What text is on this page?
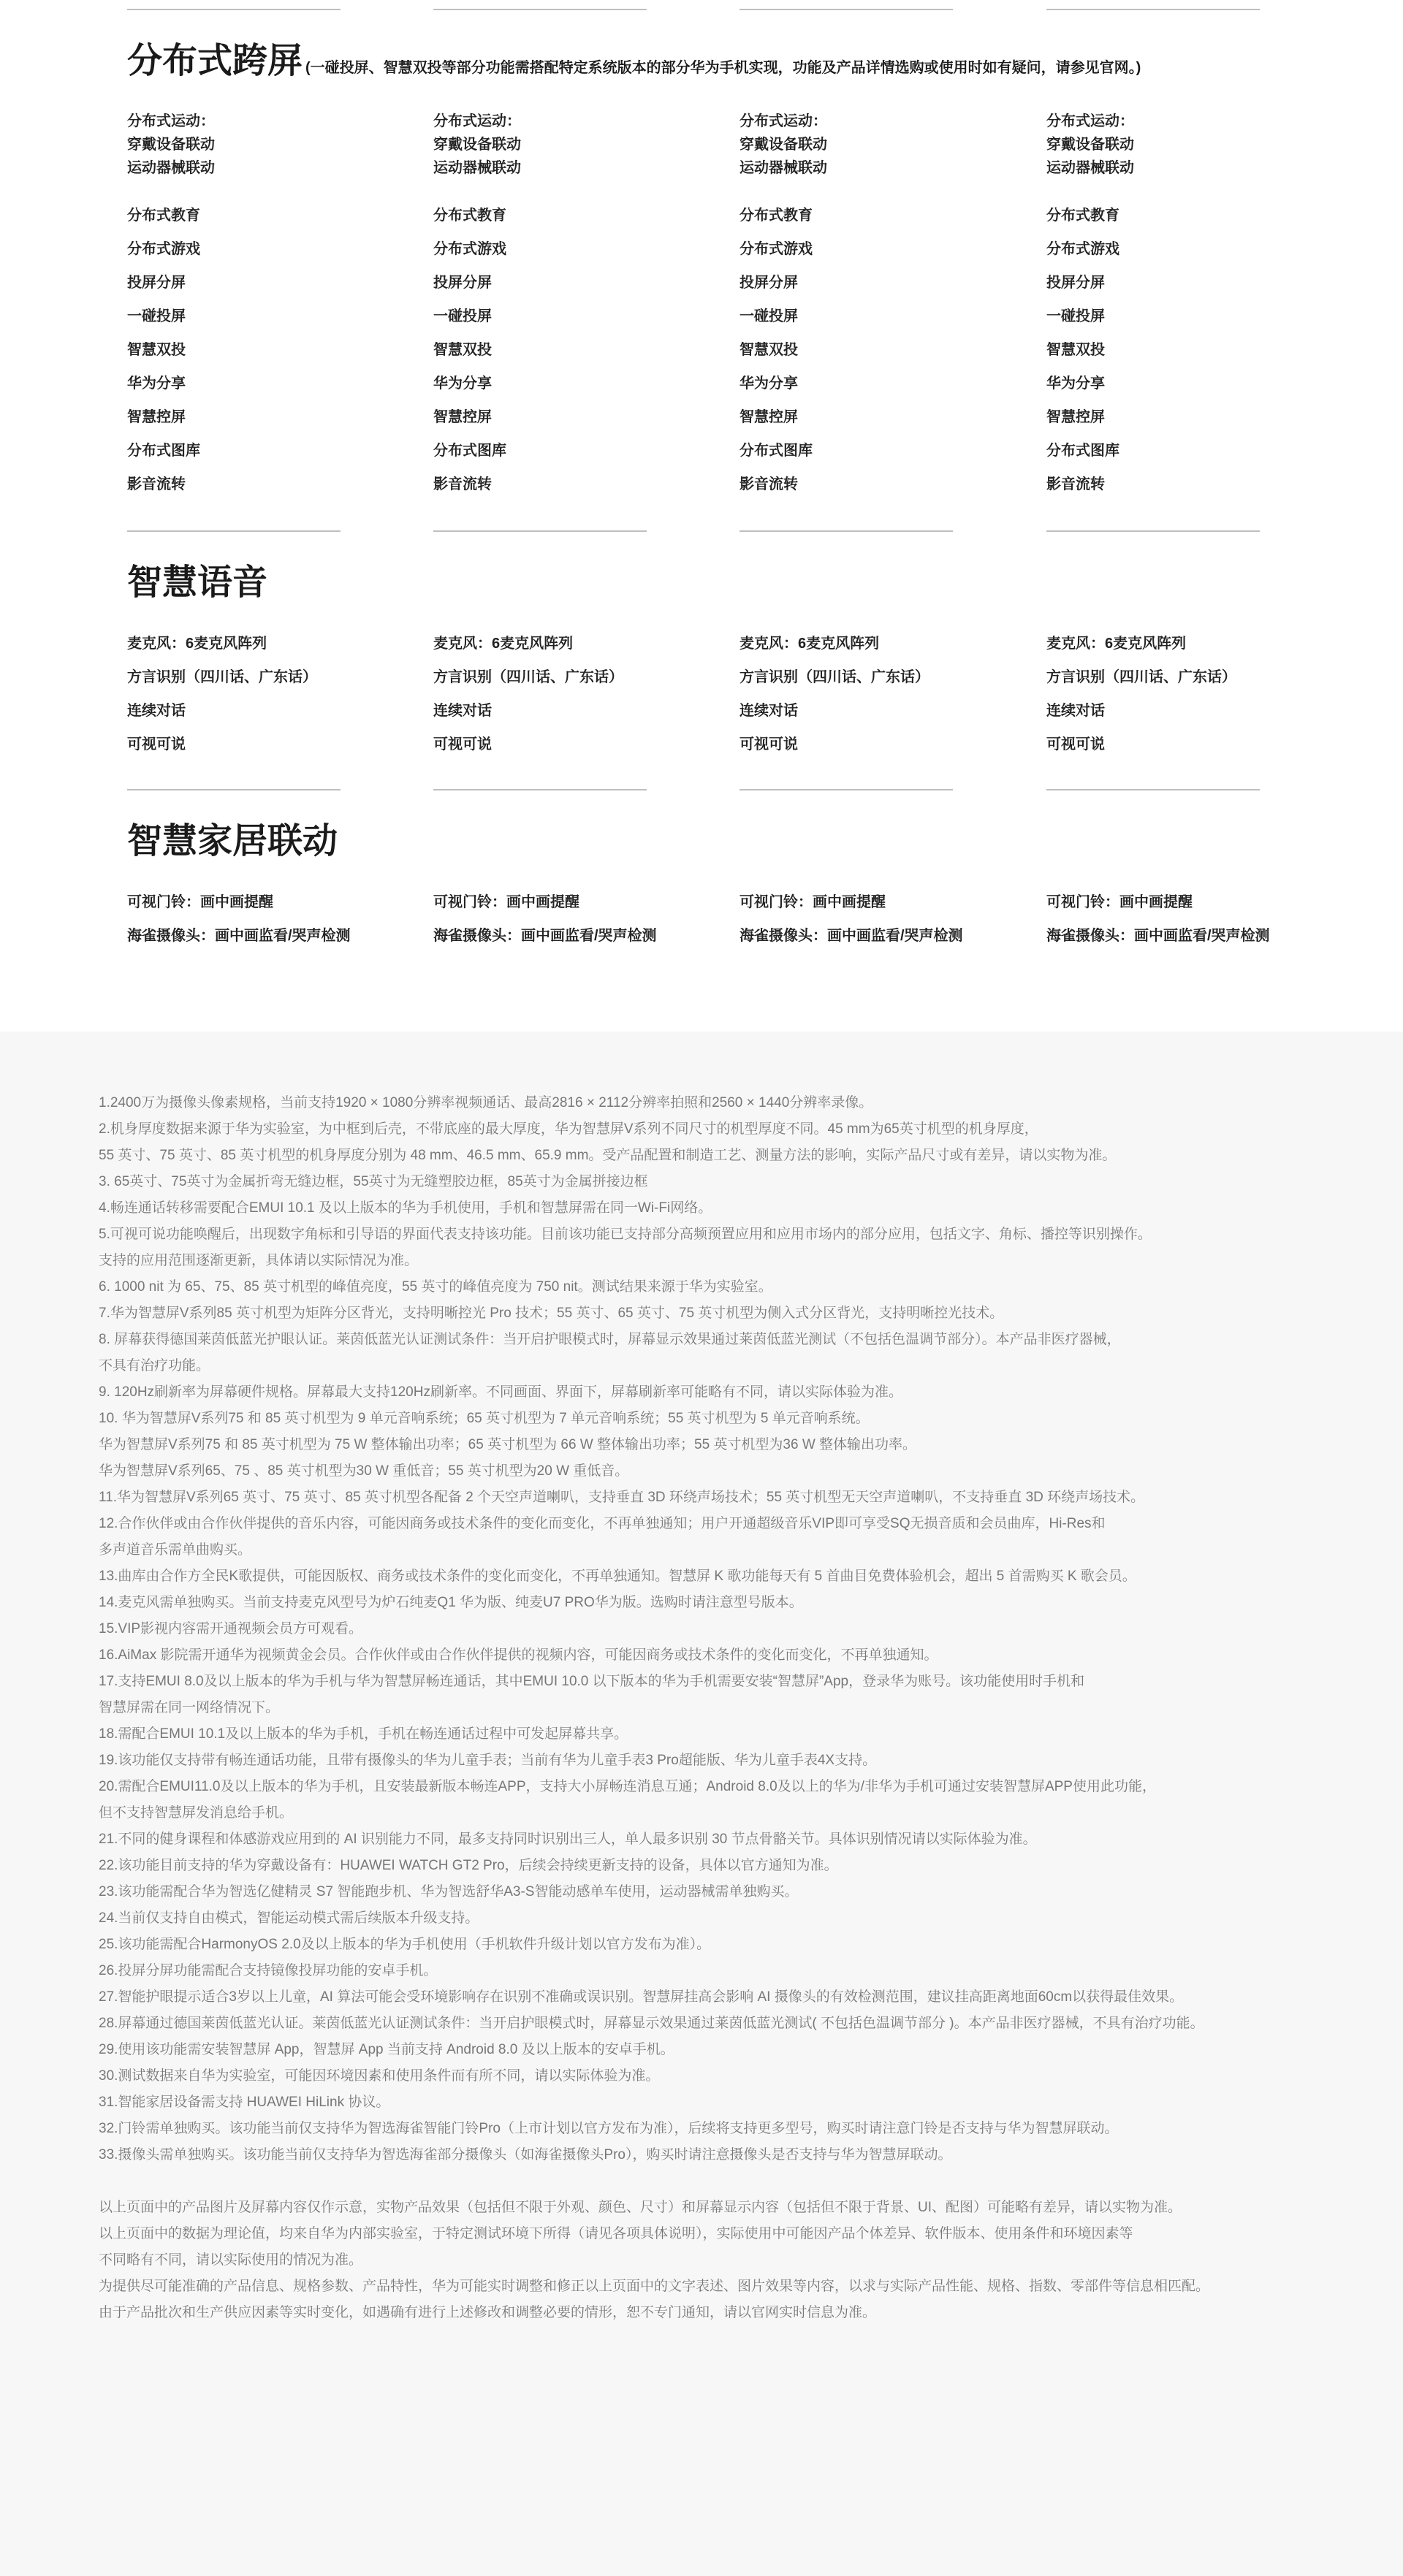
分布式跨屏 (一碰投屏、智慧双投等部分功能需搭配特定系统版本的部分华为手机实现，功能及产品详情选购或使用时如有疑问，请参见官网。)
分布式运动：
穿戴设备联动
运动器械联动
分布式教育
分布式游戏
投屏分屏
一碰投屏
智慧双投
华为分享
智慧控屏
分布式图库
影音流转
分布式运动：
穿戴设备联动
运动器械联动
分布式教育
分布式游戏
投屏分屏
一碰投屏
智慧双投
华为分享
智慧控屏
分布式图库
影音流转
分布式运动：
穿戴设备联动
运动器械联动
分布式教育
分布式游戏
投屏分屏
一碰投屏
智慧双投
华为分享
智慧控屏
分布式图库
影音流转
分布式运动：
穿戴设备联动
运动器械联动
分布式教育
分布式游戏
投屏分屏
一碰投屏
智慧双投
华为分享
智慧控屏
分布式图库
影音流转
智慧语音
麦克风：6麦克风阵列
方言识别（四川话、广东话）
连续对话
可视可说
麦克风：6麦克风阵列
方言识别（四川话、广东话）
连续对话
可视可说
麦克风：6麦克风阵列
方言识别（四川话、广东话）
连续对话
可视可说
麦克风：6麦克风阵列
方言识别（四川话、广东话）
连续对话
可视可说
智慧家居联动
可视门铃：画中画提醒
海雀摄像头：画中画监看/哭声检测
可视门铃：画中画提醒
海雀摄像头：画中画监看/哭声检测
可视门铃：画中画提醒
海雀摄像头：画中画监看/哭声检测
可视门铃：画中画提醒
海雀摄像头：画中画监看/哭声检测
1.2400万为摄像头像素规格，当前支持1920 × 1080分辨率视频通话、最高2816 × 2112分辨率拍照和2560 × 1440分辨率录像。
2.机身厚度数据来源于华为实验室，为中框到后壳，不带底座的最大厚度，华为智慧屏V系列不同尺寸的机型厚度不同。45 mm为65英寸机型的机身厚度，
55 英寸、75 英寸、85 英寸机型的机身厚度分别为 48 mm、46.5 mm、65.9 mm。受产品配置和制造工艺、测量方法的影响，实际产品尺寸或有差异，请以实物为准。
3. 65英寸、75英寸为金属折弯无缝边框，55英寸为无缝塑胶边框，85英寸为金属拼接边框
4.畅连通话转移需要配合EMUI 10.1 及以上版本的华为手机使用，手机和智慧屏需在同一Wi-Fi网络。
5.可视可说功能唤醒后，出现数字角标和引导语的界面代表支持该功能。目前该功能已支持部分高频预置应用和应用市场内的部分应用，包括文字、角标、播控等识别操作。
支持的应用范围逐渐更新，具体请以实际情况为准。
6. 1000 nit 为 65、75、85 英寸机型的峰值亮度，55 英寸的峰值亮度为 750 nit。测试结果来源于华为实验室。
7.华为智慧屏V系列85 英寸机型为矩阵分区背光，支持明晰控光 Pro 技术；55 英寸、65 英寸、75 英寸机型为侧入式分区背光，支持明晰控光技术。
8. 屏幕获得德国莱茵低蓝光护眼认证。莱茵低蓝光认证测试条件：当开启护眼模式时，屏幕显示效果通过莱茵低蓝光测试（不包括色温调节部分）。本产品非医疗器械，
不具有治疗功能。
9. 120Hz刷新率为屏幕硬件规格。屏幕最大支持120Hz刷新率。不同画面、界面下，屏幕刷新率可能略有不同，请以实际体验为准。
10. 华为智慧屏V系列75 和 85 英寸机型为 9 单元音响系统；65 英寸机型为 7 单元音响系统；55 英寸机型为 5 单元音响系统。
华为智慧屏V系列75 和 85 英寸机型为 75 W 整体输出功率；65 英寸机型为 66 W 整体输出功率；55 英寸机型为36 W 整体输出功率。
华为智慧屏V系列65、75 、85 英寸机型为30 W 重低音；55 英寸机型为20 W 重低音。
11.华为智慧屏V系列65 英寸、75 英寸、85 英寸机型各配备 2 个天空声道喇叭，支持垂直 3D 环绕声场技术；55 英寸机型无天空声道喇叭，不支持垂直 3D 环绕声场技术。
12.合作伙伴或由合作伙伴提供的音乐内容，可能因商务或技术条件的变化而变化，不再单独通知；用户开通超级音乐VIP即可享受SQ无损音质和会员曲库，Hi-Res和
多声道音乐需单曲购买。
13.曲库由合作方全民K歌提供，可能因版权、商务或技术条件的变化而变化，不再单独通知。智慧屏 K 歌功能每天有 5 首曲目免费体验机会，超出 5 首需购买 K 歌会员。
14.麦克风需单独购买。当前支持麦克风型号为炉石纯麦Q1 华为版、纯麦U7 PRO华为版。选购时请注意型号版本。
15.VIP影视内容需开通视频会员方可观看。
16.AiMax 影院需开通华为视频黄金会员。合作伙伴或由合作伙伴提供的视频内容，可能因商务或技术条件的变化而变化，不再单独通知。
17.支持EMUI 8.0及以上版本的华为手机与华为智慧屏畅连通话，其中EMUI 10.0 以下版本的华为手机需要安装“智慧屏”App，登录华为账号。该功能使用时手机和
智慧屏需在同一网络情况下。
18.需配合EMUI 10.1及以上版本的华为手机，手机在畅连通话过程中可发起屏幕共享。
19.该功能仅支持带有畅连通话功能，且带有摄像头的华为儿童手表；当前有华为儿童手表3 Pro超能版、华为儿童手表4X支持。
20.需配合EMUI11.0及以上版本的华为手机，且安装最新版本畅连APP，支持大小屏畅连消息互通；Android 8.0及以上的华为/非华为手机可通过安装智慧屏APP使用此功能，
但不支持智慧屏发消息给手机。
21.不同的健身课程和体感游戏应用到的 AI 识别能力不同，最多支持同时识别出三人，单人最多识别 30 节点骨骼关节。具体识别情况请以实际体验为准。
22.该功能目前支持的华为穿戴设备有：HUAWEI WATCH GT2 Pro，后续会持续更新支持的设备，具体以官方通知为准。
23.该功能需配合华为智选亿健精灵 S7 智能跑步机、华为智选舒华A3-S智能动感单车使用，运动器械需单独购买。
24.当前仅支持自由模式，智能运动模式需后续版本升级支持。
25.该功能需配合HarmonyOS 2.0及以上版本的华为手机使用（手机软件升级计划以官方发布为准）。
26.投屏分屏功能需配合支持镜像投屏功能的安卓手机。
27.智能护眼提示适合3岁以上儿童，AI 算法可能会受环境影响存在识别不准确或误识别。智慧屏挂高会影响 AI 摄像头的有效检测范围，建议挂高距离地面60cm以获得最佳效果。
28.屏幕通过德国莱茵低蓝光认证。莱茵低蓝光认证测试条件：当开启护眼模式时，屏幕显示效果通过莱茵低蓝光测试( 不包括色温调节部分 )。本产品非医疗器械，不具有治疗功能。
29.使用该功能需安装智慧屏 App，智慧屏 App 当前支持 Android 8.0 及以上版本的安卓手机。
30.测试数据来自华为实验室，可能因环境因素和使用条件而有所不同，请以实际体验为准。
31.智能家居设备需支持 HUAWEI HiLink 协议。
32.门铃需单独购买。该功能当前仅支持华为智选海雀智能门铃Pro（上市计划以官方发布为准），后续将支持更多型号，购买时请注意门铃是否支持与华为智慧屏联动。
33.摄像头需单独购买。该功能当前仅支持华为智选海雀部分摄像头（如海雀摄像头Pro），购买时请注意摄像头是否支持与华为智慧屏联动。
以上页面中的产品图片及屏幕内容仅作示意，实物产品效果（包括但不限于外观、颜色、尺寸）和屏幕显示内容（包括但不限于背景、UI、配图）可能略有差异，请以实物为准。
以上页面中的数据为理论值，均来自华为内部实验室，于特定测试环境下所得（请见各项具体说明），实际使用中可能因产品个体差异、软件版本、使用条件和环境因素等
不同略有不同，请以实际使用的情况为准。
为提供尽可能准确的产品信息、规格参数、产品特性，华为可能实时调整和修正以上页面中的文字表述、图片效果等内容，以求与实际产品性能、规格、指数、零部件等信息相匹配。
由于产品批次和生产供应因素等实时变化，如遇确有进行上述修改和调整必要的情形，恕不专门通知，请以官网实时信息为准。
